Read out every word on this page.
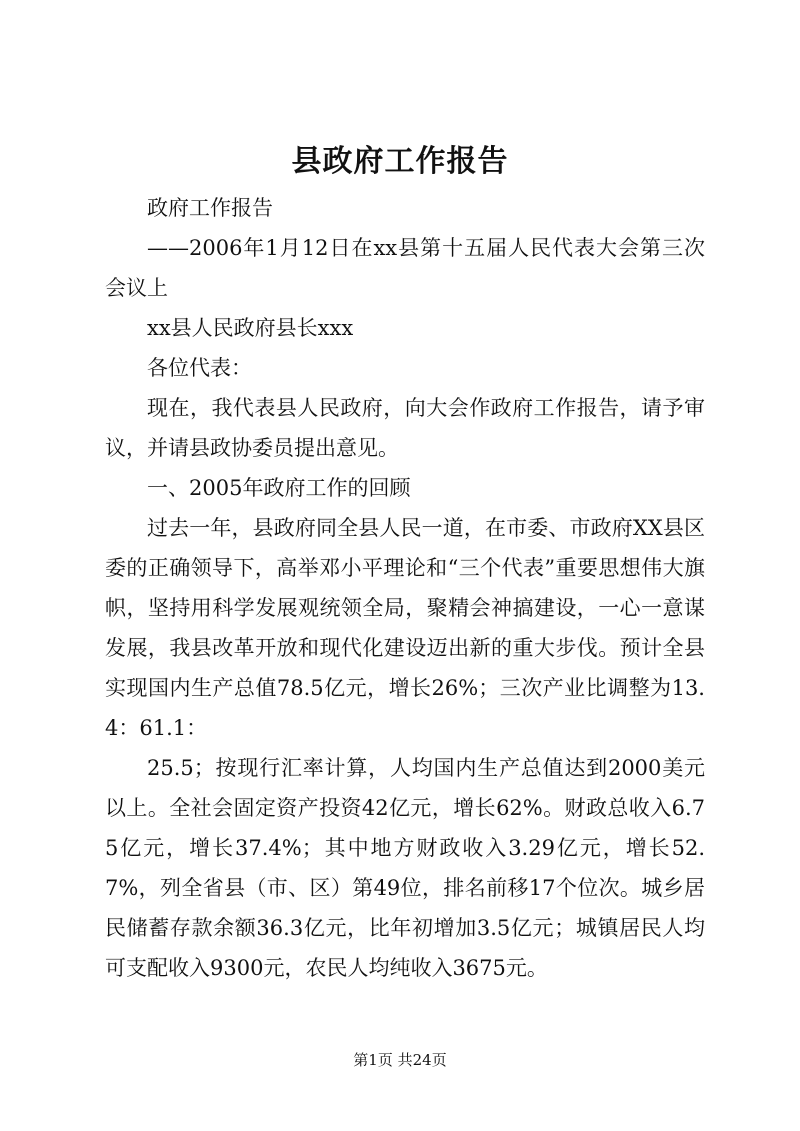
县政府工作报告

政府工作报告

——2006年1月12日在xx县第十五届人民代表大会第三次会议上

xx县人民政府县长xxx

各位代表：

现在，我代表县人民政府，向大会作政府工作报告，请予审议，并请县政协委员提出意见。

一、2005年政府工作的回顾

过去一年，县政府同全县人民一道，在市委、市政府XX县区委的正确领导下，高举邓小平理论和“三个代表”重要思想伟大旗帜，坚持用科学发展观统领全局，聚精会神搞建设，一心一意谋发展，我县改革开放和现代化建设迈出新的重大步伐。预计全县实现国内生产总值78.5亿元，增长26%；三次产业比调整为13.4：61.1：

25.5；按现行汇率计算，人均国内生产总值达到2000美元以上。全社会固定资产投资42亿元，增长62%。财政总收入6.75亿元，增长37.4%；其中地方财政收入3.29亿元，增长52.7%，列全省县（市、区）第49位，排名前移17个位次。城乡居民储蓄存款余额36.3亿元，比年初增加3.5亿元；城镇居民人均可支配收入9300元，农民人均纯收入3675元。

第1页 共24页
